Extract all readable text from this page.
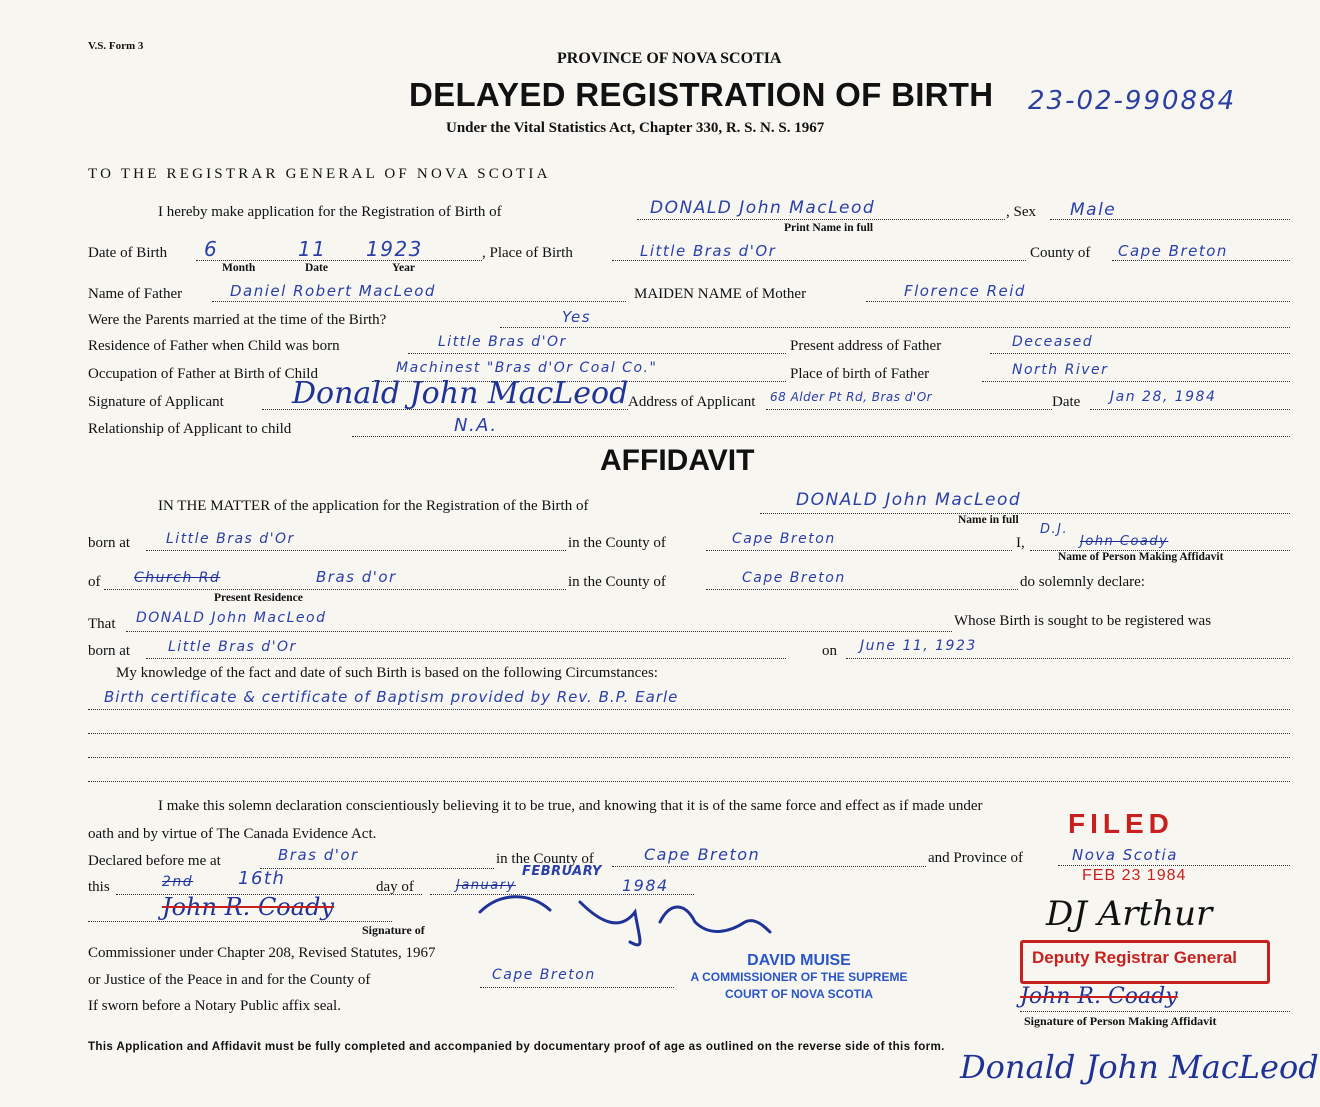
V.S. Form 3
PROVINCE OF NOVA SCOTIA
DELAYED REGISTRATION OF BIRTH 23-02-990884
Under the Vital Statistics Act, Chapter 330, R. S. N. S. 1967
TO THE REGISTRAR GENERAL OF NOVA SCOTIA
I hereby make application for the Registration of Birth of	DONALD John MacLeod
Print Name in full
, Sex Male
Date of Birth 6	11 1923
Month	Date	Year
, Place of Birth	Little Bras d'Or	County of Cape Breton
Name of Father	Daniel Robert MacLeod	MAIDEN NAME of Mother	Florence Reid
Were the Parents married at the time of the Birth?	Yes
Residence of Father when Child was born	Little Bras d'Or	Present address of Father	Deceased
Occupation of Father at Birth of Child	Machinest "Bras d'Or Coal Co."	Place of birth of Father	North River
Signature of Applicant Donald John MacLeod Address of Applicant 68 Alder Pt Rd, Bras d'Or	Date Jan 28, 1984
Relationship of Applicant to child	N.A.
AFFIDAVIT
IN THE MATTER of the application for the Registration of the Birth of	DONALD John MacLeod
Name in full
born at	Little Bras d'Or	in the County of	Cape Breton	I,
D.J.
John Coady
Name of Person Making Affidavit
of Church Rd	Bras d'or
Present Residence
in the County of	Cape Breton	do solemnly declare:
That DONALD John MacLeod	Whose Birth is sought to be registered was
born at	Little Bras d'Or	on June 11, 1923
My knowledge of the fact and date of such Birth is based on the following Circumstances:
Birth certificate & certificate of Baptism provided by Rev. B.P. Earle
I make this solemn declaration conscientiously believing it to be true, and knowing that it is of the same force and effect as if made under
oath and by virtue of The Canada Evidence Act.
Declared before me at	Bras d'or	in the County of	Cape Breton	and Province of	Nova Scotia
this	2nd 16th	day of	January
FEBRUARY
1984
John R. Coady
Signature of
Commissioner under Chapter 208, Revised Statutes, 1967
or Justice of the Peace in and for the County of	Cape Breton
If sworn before a Notary Public affix seal.
DAVID MUISE
A COMMISSIONER OF THE SUPREME
COURT OF NOVA SCOTIA
FILED
FEB 23 1984
DJ Arthur
Deputy Registrar General
John R. Coady
Signature of Person Making Affidavit
This Application and Affidavit must be fully completed and accompanied by documentary proof of age as outlined on the reverse side of this form.
Donald John MacLeod
